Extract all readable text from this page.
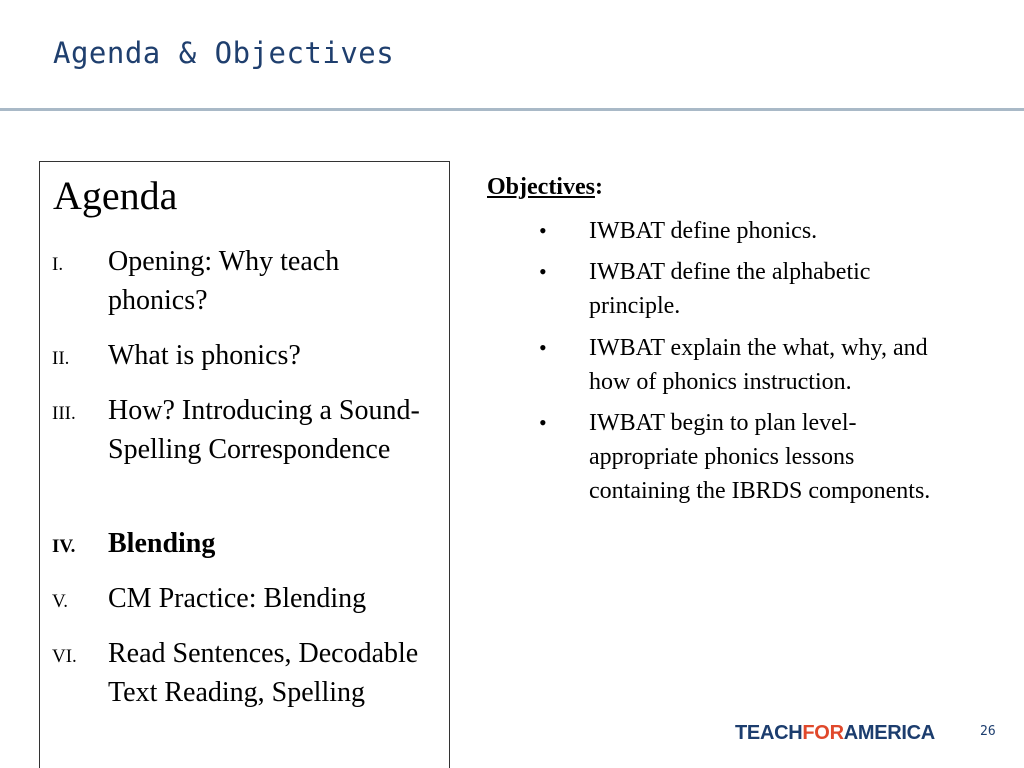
Agenda & Objectives
Agenda
I. Opening: Why teach phonics?
II. What is phonics?
III. How? Introducing a Sound-Spelling Correspondence
IV. Blending
V. CM Practice: Blending
VI. Read Sentences, Decodable Text Reading, Spelling
Objectives:
• IWBAT define phonics.
• IWBAT define the alphabetic principle.
• IWBAT explain the what, why, and how of phonics instruction.
• IWBAT begin to plan level-appropriate phonics lessons containing the IBRDS components.
TEACHFORAMERICA	26
